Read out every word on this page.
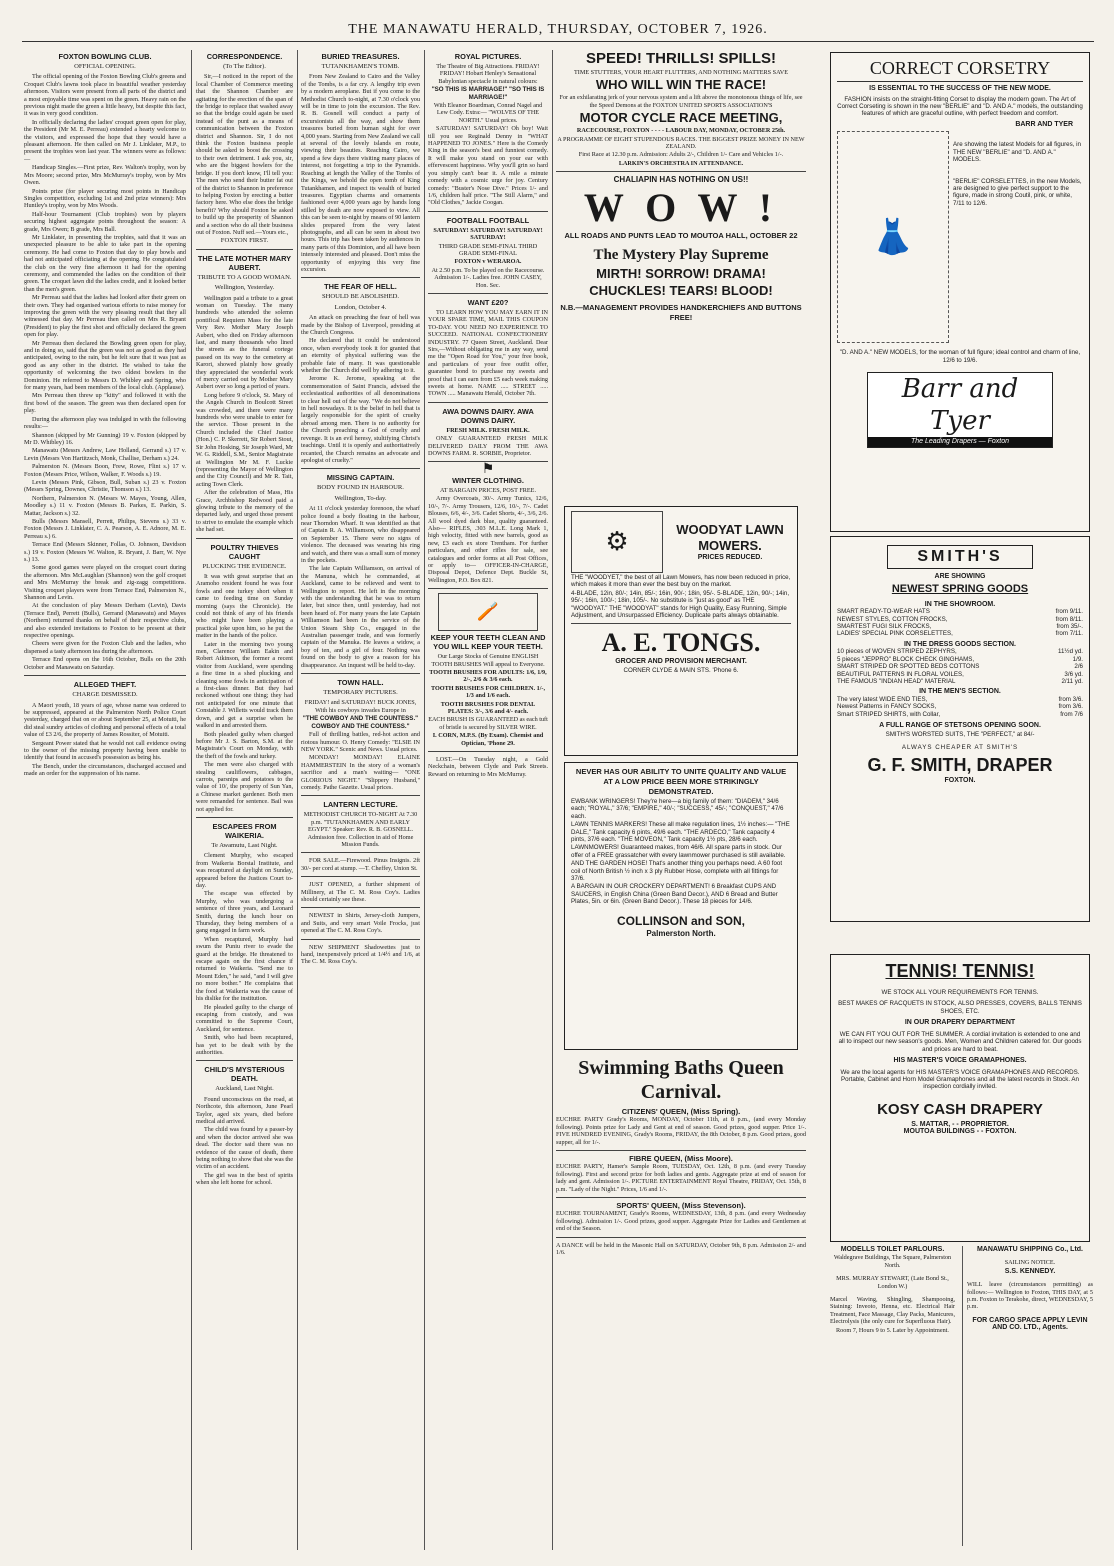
THE MANAWATU HERALD, THURSDAY, OCTOBER 7, 1926.
FOXTON BOWLING CLUB.
OFFICIAL OPENING.

The official opening of the Foxton Bowling Club's greens and Croquet Club's lawns took place in beautiful weather yesterday afternoon. Visitors were present from all parts of the district and a most enjoyable time was spent on the green. Heavy rain on the previous night made the green a little heavy, but despite this fact, it was in very good condition.

In officially declaring the ladies' croquet green open for play, the President (Mr M. E. Perreau) extended a hearty welcome to the visitors, and expressed the hope that they would have a pleasant afternoon. He then called on Mr J. Linklater, M.P., to present the trophies won last year. The winners were as follows:—

Handicap Singles.—First prize, Rev. Walton's trophy, won by Mrs Moore; second prize, Mrs McMurray's trophy, won by Mrs Owen.

Points prize (for player securing most points in Handicap Singles competition, excluding 1st and 2nd prize winners): Mrs Huntley's trophy, won by Mrs Woods.

Half-hour Tournament (Club trophies) won by players securing highest aggregate points throughout the season: A grade, Mrs Owen; B grade, Mrs Ball.

Mr Linklater, in presenting the trophies, said that it was an unexpected pleasure to be able to take part in the opening ceremony. He had come to Foxton that day to play bowls and had not anticipated officiating at the opening. He congratulated the club on the very fine afternoon it had for the opening ceremony, and commended the ladies on the condition of their green. The croquet lawn did the ladies credit, and it looked better than the men's green.

Mr Perreau said that the ladies had looked after their green on their own. They had organised various efforts to raise money for improving the green with the very pleasing result that they all witnessed that day. Mr Perreau then called on Mrs R. Bryant (President) to play the first shot and officially declared the green open for play.

Mr Perreau then declared the Bowling green open for play, and in doing so, said that the green was not as good as they had anticipated, owing to the rain, but he felt sure that it was just as good as any other in the district. He wished to take the opportunity of welcoming the two oldest bowlers in the Dominion. He referred to Messrs D. Whibley and Spring, who for many years, had been members of the local club. (Applause).

Mrs Perreau then threw up "kitty" and followed it with the first bowl of the season. The green was then declared open for play.

During the afternoon play was indulged in with the following results:—

Shannon (skipped by Mr Gunning) 19 v. Foxton (skipped by Mr D. Whibley) 16.

Manawatu (Messrs Andrew, Law Holland, Gerrand s.) 17 v. Levin (Messrs Von Hartitzsch, Monk, Challise, Derham s.) 24.

Palmerston N. (Messrs Boon, Frew, Rowe, Flint s.) 17 v. Foxton (Messrs Price, Wilson, Walker, F. Woods s.) 19.

Levin (Messrs Pink, Gibson, Bull, Suban s.) 23 v. Foxton (Messrs Spring, Downes, Christie, Thomson s.) 13.

Northern, Palmerston N. (Messrs W. Mayes, Young, Allen, Moodley s.) 11 v. Foxton (Messrs B. Parkes, E. Parkin, S. Mattar, Jackson s.) 32.

Bulls (Messrs Mansell, Perrett, Philips, Stevens s.) 33 v. Foxton (Messrs J. Linklater, C. A. Pearson, A. E. Adnore, M. E. Perreau s.) 6.

Terrace End (Messrs Skinner, Follas, O. Johnson, Davidson s.) 19 v. Foxton (Messrs W. Walton, R. Bryant, J. Barr, W. Nye s.) 13.

Some good games were played on the croquet court during the afternoon. Mrs McLaughlan (Shannon) won the golf croquet and Mrs McMurray the break and zig-zagg competitions. Visiting croquet players were from Terrace End, Palmerston N., Shannon and Levin.

At the conclusion of play Messrs Derham (Levin), Davis (Terrace End), Perrett (Bulls), Gerrand (Manawatu) and Mayes (Northern) returned thanks on behalf of their respective clubs, and also extended invitations to Foxton to be present at their respective openings.

Cheers were given for the Foxton Club and the ladies, who dispensed a tasty afternoon tea during the afternoon.

Terrace End opens on the 16th October, Bulls on the 20th October and Manawatu on Saturday.

ALLEGED THEFT.
CHARGE DISMISSED.

A Maori youth, 18 years of age, whose name was ordered to be suppressed, appeared at the Palmerston North Police Court yesterday, charged that on or about September 25, at Motuiti, he did steal sundry articles of clothing and personal effects of a total value of £3 2/6, the property of James Rossiter, of Motuiti.

Sergeant Power stated that he would not call evidence owing to the owner of the missing property having been unable to identify that found in accused's possession as being his.

The Bench, under the circumstances, discharged accused and made an order for the suppression of his name.

CORRESPONDENCE.
(To The Editor).

Sir,—I noticed in the report of the local Chamber of Commerce meeting that the Shannon Chamber are agitating for the erection of the span of the bridge to replace that washed away so that the bridge could again be used instead of the punt as a means of communication between the Foxton district and Shannon. Sir, I do not think the Foxton business people should be asked to boost the crossing to their own detriment. I ask you, sir, who are the biggest howlers for the bridge. If you don't know, I'll tell you: The men who send their butter fat out of the district to Shannon in preference to helping Foxton by erecting a butter factory here. Who else does the bridge benefit? Why should Foxton be asked to build up the prosperity of Shannon and a section who do all their business out of Foxton. Nuff sed.—Yours etc.,

FOXTON FIRST.
THE LATE MOTHER MARY AUBERT.
TRIBUTE TO A GOOD WOMAN.
Wellington, Yesterday.

Wellington paid a tribute to a great woman on Tuesday. The many hundreds who attended the solemn pontifical Requiem Mass for the late Very Rev. Mother Mary Joseph Aubert, who died on Friday afternoon last, and many thousands who lined the streets as the funeral cortege passed on its way to the cemetery at Karori, showed plainly how greatly they appreciated the wonderful work of mercy carried out by Mother Mary Aubert over so long a period of years.

Long before 9 o'clock, St. Mary of the Angels Church in Boulcott Street was crowded, and there were many hundreds who were unable to enter for the service. Those present in the Church included the Chief Justice (Hon.) C. P. Skerrett, Sir Robert Stout, Sir John Hosking, Sir Joseph Ward, Mr W. G. Riddell, S.M., Senior Magistrate at Wellington Mr M. F. Luckie (representing the Mayor of Wellington and the City Council) and Mr R. Tait, acting Town Clerk.

After the celebration of Mass, His Grace, Archbishop Redwood paid a glowing tribute to the memory of the departed lady, and urged those present to strive to emulate the example which she had set.

POULTRY THIEVES CAUGHT
PLUCKING THE EVIDENCE.

It was with great surprise that an Aramoho resident found he was four fowls and one turkey short when it came to feeding time on Sunday morning (says the Chronicle). He could not think of any of his friends who might have been playing a practical joke upon him, so he put the matter in the hands of the police.

Later in the morning two young men, Clarence William Eakin and Robert Atkinson, the former a recent visitor from Auckland, were spending a fine time in a shed plucking and cleaning some fowls in anticipation of a first-class dinner. But they had reckoned without one thing; they had not anticipated for one minute that Constable J. Willetts would track them down, and get a surprise when he walked in and arrested them.

Both pleaded guilty when charged before Mr J. S. Barton, S.M. at the Magistrate's Court on Monday, with the theft of the fowls and turkey.

The men were also charged with stealing cauliflowers, cabbages, carrots, parsnips and potatoes to the value of 10/, the property of Sun Yan, a Chinese market gardener. Both men were remanded for sentence. Bail was not applied for.

ESCAPEES FROM WAIKERIA.
Te Awamutu, Last Night.

Clement Murphy, who escaped from Waikeria Borstal Institute, and was recaptured at daylight on Sunday, appeared before the Justices Court to-day.

The escape was effected by Murphy, who was undergoing a sentence of three years, and Leonard Smith, during the lunch hour on Thursday, they being members of a gang engaged in farm work.

When recaptured, Murphy had swum the Puniu river to evade the guard at the bridge. He threatened to escape again on the first chance if returned to Waikeria. "Send me to Mount Eden," he said, "and I will give no more bother." He complains that the food at Waikeria was the cause of his dislike for the institution.

He pleaded guilty to the charge of escaping from custody, and was committed to the Supreme Court, Auckland, for sentence.

Smith, who had been recaptured, has yet to be dealt with by the authorities.

CHILD'S MYSTERIOUS DEATH.
Auckland, Last Night.

Found unconscious on the road, at Northcote, this afternoon, June Pearl Taylor, aged six years, died before medical aid arrived.

The child was found by a passer-by and when the doctor arrived she was dead. The doctor said there was no evidence of the cause of death, there being nothing to show that she was the victim of an accident.

The girl was in the best of spirits when she left home for school.

BURIED TREASURES.
TUTANKHAMEN'S TOMB.

From New Zealand to Cairo and the Valley of the Tombs, is a far cry. A lengthy trip even by a modern aeroplane. But if you come to the Methodist Church to-night, at 7.30 o'clock you will be in time to join the excursion. The Rev. R. B. Gosnell will conduct a party of excursionists all the way, and show them treasures buried from human sight for over 4,000 years. Starting from New Zealand we call at several of the lovely islands en route, viewing their beauties. Reaching Cairo, we spend a few days there visiting many places of interest, not forgetting a trip to the Pyramids. Reaching at length the Valley of the Tombs of the Kings, we behold the open tomb of King Tutankhamen, and inspect its wealth of buried treasures. Egyptian charms and ornaments fashioned over 4,000 years ago by hands long stilled by death are now exposed to view. All this can be seen to-night by means of 90 lantern slides prepared from the very latest photographs, and all can be seen in about two hours. This trip has been taken by audiences in many parts of this Dominion, and all have been intensely interested and pleased. Don't miss the opportunity of enjoying this very fine excursion.

THE FEAR OF HELL.
SHOULD BE ABOLISHED.
London, October 4.

An attack on preaching the fear of hell was made by the Bishop of Liverpool, presiding at the Church Congress.

He declared that it could be understood once, when everybody took it for granted that an eternity of physical suffering was the probable fate of many. It was questionable whether the Church did well by adhering to it.

Jerome K. Jerome, speaking at the commemoration of Saint Francis, advised the ecclesiastical authorities of all denominations to clear hell out of the way. "We do not believe in hell nowadays. It is the belief in hell that is largely responsible for the spirit of cruelty abroad among men. There is no authority for the Church preaching a God of cruelty and revenge. It is an evil heresy, stultifying Christ's teachings. Until it is openly and authoritatively recanted, the Church remains an advocate and apologist of cruelty."

MISSING CAPTAIN.
BODY FOUND IN HARBOUR.
Wellington, To-day.

At 11 o'clock yesterday forenoon, the wharf police found a body floating in the harbour, near Thorndon Wharf. It was identified as that of Captain R. A. Williamson, who disappeared on September 15. There were no signs of violence. The deceased was wearing his ring and watch, and there was a small sum of money in the pockets.

The late Captain Williamson, on arrival of the Manuna, which he commanded, at Auckland, came to be relieved and went to Wellington to report. He left in the morning with the understanding that he was to return later, but since then, until yesterday, had not been heard of. For many years the late Captain Williamson had been in the service of the Union Steam Ship Co., engaged in the Australian passenger trade, and was formerly captain of the Manuka. He leaves a widow, a boy of ten, and a girl of four. Nothing was found on the body to give a reason for his disappearance. An inquest will be held to-day.

TOWN HALL.
TEMPORARY PICTURES.

FRIDAY! and SATURDAY! BUCK JONES, With his cowboys invades Europe in

"THE COWBOY AND THE COUNTESS." COWBOY AND THE COUNTESS."

Full of thrilling battles, red-hot action and riotous humour. O. Henry Comedy: "ELSIE IN NEW YORK." Scenic and News. Usual prices.

MONDAY! MONDAY! ELAINE HAMMERSTEIN In the story of a woman's sacrifice and a man's waiting— "ONE GLORIOUS NIGHT." "Slippery Husband," comedy. Pathe Gazette. Usual prices.

LANTERN LECTURE.

METHODIST CHURCH TO-NIGHT At 7.30 p.m. "TUTANKHAMEN AND EARLY EGYPT." Speaker: Rev. R. B. GOSNELL. Admission free. Collection in aid of Home Mission Funds.

FOR SALE.—Firewood. Pinus Insignis. 2ft 30/- per cord at stump. —T. Cheffey, Union St.

JUST OPENED, a further shipment of Millinery, at The C. M. Ross Coy's. Ladies should certainly see these.

NEWEST in Shirts, Jersey-cloth Jumpers, and Suits, and very smart Voile Frocks, just opened at The C. M. Ross Coy's.

NEW SHIPMENT Shadowettes just to hand, inexpensively priced at 1/4½ and 1/6, at The C. M. Ross Coy's.

ROYAL PICTURES.

The Theatre of Big Attractions. FRIDAY! FRIDAY! Hobart Henley's Sensational Babylonian spectacle in natural colours:

"SO THIS IS MARRIAGE!" "SO THIS IS MARRIAGE!"

With Eleanor Boardman, Conrad Nagel and Lew Cody. Extra:— "WOLVES OF THE NORTH." Usual prices.

SATURDAY! SATURDAY! Oh boy! Wait till you see Reginald Denny in "WHAT HAPPENED TO JONES." Here is the Comedy King in the season's best and funniest comedy. It will make you stand on your ear with effervescent happiness. Why you'll grin so hard you simply can't bear it. A mile a minute comedy with a cosmic urge for joy. Century comedy: "Buster's Nose Dive." Prices 1/- and 1/6, children half price. "The Still Alarm," and "Old Clothes," Jackie Coogan.

FOOTBALL FOOTBALL

SATURDAY! SATURDAY! SATURDAY! SATURDAY!

THIRD GRADE SEMI-FINAL THIRD GRADE SEMI-FINAL

FOXTON v WERAROA.

At 2.50 p.m. To be played on the Racecourse. Admission 1/-. Ladies free. JOHN CASEY, Hon. Sec.

WANT £20?

TO LEARN HOW YOU MAY EARN IT IN YOUR SPARE TIME, MAIL THIS COUPON TO-DAY. YOU NEED NO EXPERIENCE TO SUCCEED. NATIONAL CONFECTIONERY INDUSTRY. 77 Queen Street, Auckland. Dear Sirs,—Without obligating me in any way, send me the "Open Road for You," your free book, and particulars of your free outfit offer, guarantee bond to purchase my sweets and proof that I can earn from £5 each week making sweets at home. NAME ..... STREET ..... TOWN ..... Manawatu Herald, October 7th.

AWA DOWNS DAIRY. AWA DOWNS DAIRY.

FRESH MILK. FRESH MILK.

ONLY GUARANTEED FRESH MILK DELIVERED DAILY FROM THE AWA DOWNS FARM. R. SORBIE, Proprietor.

⚑
WINTER CLOTHING.

AT BARGAIN PRICES, POST FREE.

Army Overcoats, 30/-. Army Tunics, 12/6, 10/-, 7/-. Army Trousers, 12/6, 10/-, 7/-. Cadet Blouses, 6/6, 4/-, 3/6. Cadet Shorts, 4/-, 3/6, 2/6. All wool dyed dark blue, quality guaranteed. Also— RIFLES, .303 M.L.E. Long Mark 1, high velocity, fitted with new barrels, good as new, £3 each ex store Trentham. For further particulars, and other rifles for sale, see catalogues and order forms at all Post Offices, or apply to— OFFICER-IN-CHARGE, Disposal Depot, Defence Dept. Buckle St, Wellington, P.O. Box 821.

🪥
KEEP YOUR TEETH CLEAN AND YOU WILL KEEP YOUR TEETH.

Our Large Stocks of Genuine ENGLISH TOOTH BRUSHES Will appeal to Everyone.

TOOTH BRUSHES FOR ADULTS: 1/6, 1/9, 2/-, 2/6 & 3/6 each.

TOOTH BRUSHES FOR CHILDREN. 1/-, 1/3 and 1/6 each.

TOOTH BRUSHES FOR DENTAL PLATES: 3/-, 3/6 and 4/- each.

EACH BRUSH IS GUARANTEED as each tuft of bristle is secured by SILVER WIRE.

I. CORN, M.P.S. (By Exam). Chemist and Optician, 'Phone 29.

LOST.—On Tuesday night, a Gold Neckchain, between Clyde and Park Streets. Reward on returning to Mrs McMurray.

SPEED! THRILLS! SPILLS!
TIME STUTTERS, YOUR HEART FLUTTERS, AND NOTHING MATTERS SAVE
WHO WILL WIN THE RACE!
For an exhilarating jerk of your nervous system and a lift above the monotonous things of life, see the Speed Demons at the FOXTON UNITED SPORTS ASSOCIATION'S
MOTOR CYCLE RACE MEETING,
RACECOURSE, FOXTON - - - - LABOUR DAY, MONDAY, OCTOBER 25th.
A PROGRAMME OF EIGHT STUPENDOUS RACES. THE BIGGEST PRIZE MONEY IN NEW ZEALAND.
First Race at 12.30 p.m. Admission: Adults 2/-, Children 1/- Care and Vehicles 1/-.
LARKIN'S ORCHESTRA IN ATTENDANCE.
CHALIAPIN HAS NOTHING ON US!!
W O W !
ALL ROADS AND PUNTS LEAD TO MOUTOA HALL, OCTOBER 22
The Mystery Play Supreme
MIRTH! SORROW! DRAMA!
CHUCKLES! TEARS! BLOOD!
N.B.—MANAGEMENT PROVIDES HANDKERCHIEFS AND BUTTONS FREE!
⚙	WOODYAT LAWN MOWERS.
PRICES REDUCED.
THE "WOODYET," the best of all Lawn Mowers, has now been reduced in price, which makes it more than ever the best buy on the market.
4-BLADE, 12in, 80/-; 14in, 85/-; 16in, 90/-; 18in, 95/-. 5-BLADE, 12in, 90/-; 14in, 95/-; 16in, 100/-; 18in, 105/-. No substitute is "just as good" as THE "WOODYAT." THE "WOODYAT" stands for High Quality, Easy Running, Simple Adjustment, and Unsurpassed Efficiency. Duplicate parts always obtainable.
A. E. TONGS.
GROCER AND PROVISION MERCHANT.
CORNER CLYDE & MAIN STS. 'Phone 6.
NEVER HAS OUR ABILITY TO UNITE QUALITY AND VALUE AT A LOW PRICE BEEN MORE STRIKINGLY DEMONSTRATED.
EWBANK WRINGERS! They're here—a big family of them: "DIADEM," 34/6 each; "ROYAL," 37/6; "EMPIRE," 40/-; "SUCCESS," 45/-; "CONQUEST," 47/6 each.
LAWN TENNIS MARKERS! These all make regulation lines, 1½ inches:— "THE DALE," Tank capacity 6 pints, 49/6 each. "THE ARDECO," Tank capacity 4 pints, 37/6 each. "THE MOVEON," Tank capacity 1½ pts, 28/6 each.
LAWNMOWERS! Guaranteed makes, from 46/6. All spare parts in stock. Our offer of a FREE grassatcher with every lawnmower purchased is still available.
AND THE GARDEN HOSE! That's another thing you perhaps need. A 60 foot coil of North British ½ inch x 3 ply Rubber Hose, complete with all fittings for 37/6.
A BARGAIN IN OUR CROCKERY DEPARTMENT! 6 Breakfast CUPS AND SAUCERS, in English China (Green Band Decor.), AND 6 Bread and Butter Plates, 5in. or 6in. (Green Band Decor.). These 18 pieces for 14/6.
COLLINSON and SON,
Palmerston North.
Swimming Baths Queen Carnival.
CITIZENS' QUEEN, (Miss Spring).
EUCHRE PARTY Grady's Rooms, MONDAY, October 11th, at 8 p.m., (and every Monday following). Points prize for Lady and Gent at end of season. Good prizes, good supper. Price 1/-. FIVE HUNDRED EVENING, Grady's Rooms, FRIDAY, the 8th October, 8 p.m. Good prizes, good supper, all for 1/-.
FIBRE QUEEN, (Miss Moore).
EUCHRE PARTY, Hamer's Sample Room, TUESDAY, Oct. 12th, 8 p.m. (and every Tuesday following). First and second prize for both ladies and gents. Aggregate prize at end of season for lady and gent. Admission 1/-. PICTURE ENTERTAINMENT Royal Theatre, FRIDAY, Oct. 15th, 8 p.m. "Lady of the Night." Prices, 1/6 and 1/-.
SPORTS' QUEEN, (Miss Stevenson).
EUCHRE TOURNAMENT, Grady's Rooms, WEDNESDAY, 13th, 8 p.m. (and every Wednesday following). Admission 1/-. Good prizes, good supper. Aggregate Prize for Ladies and Gentlemen at end of the Season.
A DANCE will be held in the Masonic Hall on SATURDAY, October 9th, 8 p.m. Admission 2/- and 1/6.
CORRECT CORSETRY
IS ESSENTIAL TO THE SUCCESS OF THE NEW MODE.
FASHION insists on the straight-fitting Corset to display the modern gown. The Art of Correct Corseting is shown in the new "BERLIE" and "D. AND A." models, the outstanding features of which are graceful outline, with perfect freedom and comfort.
BARR AND TYER
👗
Are showing the latest Models for all figures, in THE NEW "BERLIE" and "D. AND A." MODELS.
"BERLIE" CORSELETTES, in the new Models, are designed to give perfect support to the figure, made in strong Coutil, pink, or white, 7/11 to 12/6.
"D. AND A." NEW MODELS, for the woman of full figure; ideal control and charm of line, 12/6 to 19/6.
Barr and Tyer
The Leading Drapers — Foxton
SMITH'S
ARE SHOWING
NEWEST SPRING GOODS
IN THE SHOWROOM.
SMART READY-TO-WEAR HATS	from 9/11.
NEWEST STYLES, COTTON FROCKS,	from 8/11.
SMARTEST FUGI SILK FROCKS,	from 35/-.
LADIES' SPECIAL PINK CORSELETTES,	from 7/11.
IN THE DRESS GOODS SECTION.
10 pieces of WOVEN STRIPED ZEPHYRS,	11½d yd.
5 pieces "JEPPRO" BLOCK CHECK GINGHAMS,	1/9.
SMART STRIPED OR SPOTTED BEDS COTTONS	2/6
BEAUTIFUL PATTERNS IN FLORAL VOILES,	3/6 yd.
THE FAMOUS "INDIAN HEAD" MATERIAL	2/11 yd.
IN THE MEN'S SECTION.
The very latest WIDE END TIES,	from 3/6.
Newest Patterns in FANCY SOCKS,	from 3/6.
Smart STRIPED SHIRTS, with Collar,	from 7/6
A FULL RANGE OF STETSONS OPENING SOON.
SMITH'S WORSTED SUITS, THE "PERFECT," at 84/-
ALWAYS CHEAPER AT SMITH'S
G. F. SMITH, DRAPER
FOXTON.
TENNIS! TENNIS!
WE STOCK ALL YOUR REQUIREMENTS FOR TENNIS.
BEST MAKES OF RACQUETS IN STOCK, ALSO PRESSES, COVERS, BALLS TENNIS SHOES, ETC.
IN OUR DRAPERY DEPARTMENT
WE CAN FIT YOU OUT FOR THE SUMMER. A cordial invitation is extended to one and all to inspect our new season's goods. Men, Women and Children catered for. Our goods and prices are hard to beat.
HIS MASTER'S VOICE GRAMAPHONES.
We are the local agents for HIS MASTER'S VOICE GRAMAPHONES AND RECORDS. Portable, Cabinet and Horn Model Gramaphones and all the latest records in Stock. An inspection cordially invited.
KOSY CASH DRAPERY
S. MATTAR, - - PROPRIETOR.
MOUTOA BUILDINGS - - FOXTON.
MODELLS TOILET PARLOURS.
Waldegrave Buildings, The Square, Palmerston North.
MRS. MURRAY STEWART, (Late Bond St., London W.)
Marcel Waving, Shingling, Shampooing, Staining: Inveoto, Henna, etc. Electrical Hair Treatment, Face Massage, Clay Packs, Manicures, Electrolysis (the only cure for Superfluous Hair).
Room 7, Hours 9 to 5. Later by Appointment.
MANAWATU SHIPPING Co., Ltd.
SAILING NOTICE.
S.S. KENNEDY.
WILL leave (circumstances permitting) as follows:— Wellington to Foxton, THIS DAY, at 5 p.m. Foxton to Terakohe, direct, WEDNESDAY, 5 p.m.
FOR CARGO SPACE APPLY LEVIN AND CO. LTD., Agents.
